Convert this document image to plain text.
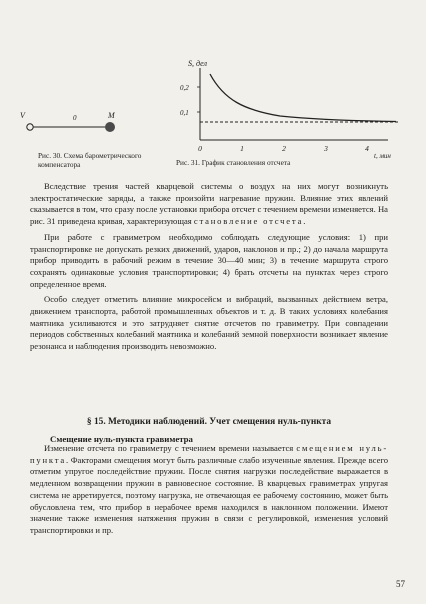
V	0	M
Рис. 30. Схема барометрического компенсатора
S, дел
0,2
0,1
0	1	2	3	4
t, мин
Рис. 31. График становления отсчета

Вследствие трения частей кварцевой системы о воздух на них могут возникнуть электростатические заряды, а также произойти нагревание пружин. Влияние этих явлений сказывается в том, что сразу после установки прибора отсчет с течением времени изменяется. На рис. 31 приведена кривая, характеризующая становление отсчета.

При работе с гравиметром необходимо соблюдать следующие условия: 1) при транспортировке не допускать резких движений, ударов, наклонов и пр.; 2) до начала маршрута прибор приводить в рабочий режим в течение 30—40 мин; 3) в течение маршрута строго сохранять одинаковые условия транспортировки; 4) брать отсчеты на пунктах через строго определенное время.

Особо следует отметить влияние микросейсм и вибраций, вызванных действием ветра, движением транспорта, работой промышленных объектов и т. д. В таких условиях колебания маятника усиливаются и это затрудняет снятие отсчетов по гравиметру. При совпадении периодов собственных колебаний маятника и колебаний земной поверхности возникает явление резонанса и наблюдения производить невозможно.

§ 15. Методики наблюдений. Учет смещения нуль-пункта
Смещение нуль-пункта гравиметра

Изменение отсчета по гравиметру с течением времени называется смещением нуль-пункта. Факторами смещения могут быть различные слабо изученные явления. Прежде всего отметим упругое последействие пружин. После снятия нагрузки последействие выражается в медленном возвращении пружин в равновесное состояние. В кварцевых гравиметрах упругая система не арретируется, поэтому нагрузка, не отвечающая ее рабочему состоянию, может быть обусловлена тем, что прибор в нерабочее время находился в наклонном положении. Имеют значение также изменения натяжения пружин в связи с регулировкой, изменения условий транспортировки и пр.

57
